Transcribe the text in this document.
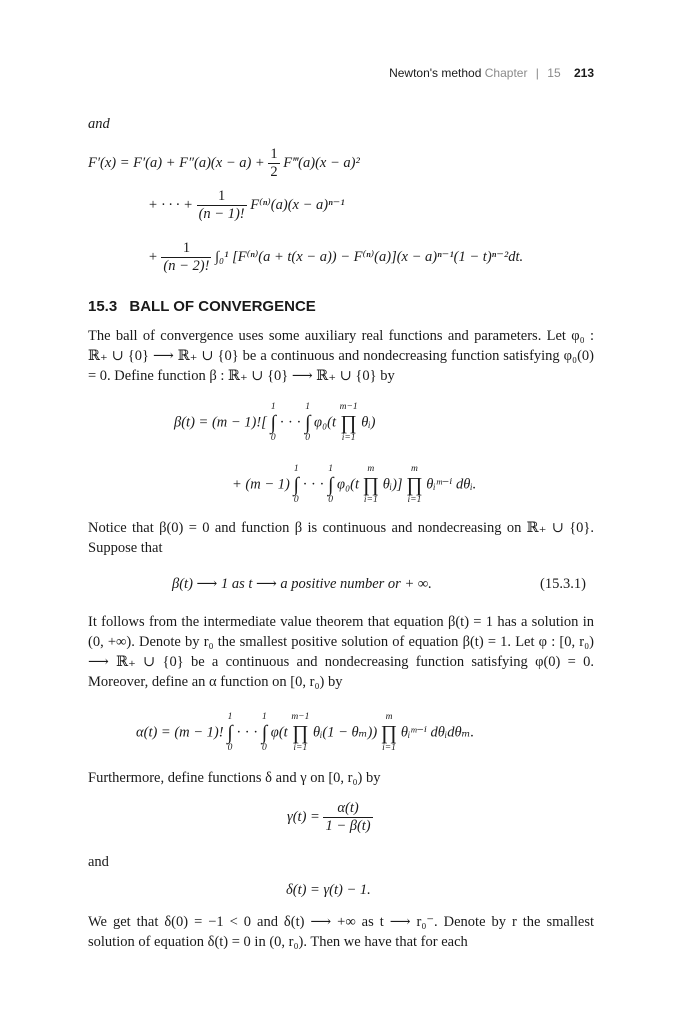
Newton's method Chapter | 15 213
and
$F'(x) = F'(a) + F''(a)(x - a) + \frac{1}{2}$ F‴(a)(x − a)²
+ · · · + $\frac{1}{(n - 1)!} F^{(n)}(a)(x - a)^{n-1}$
+ $\frac{1}{(n - 2)!} \int_0^1$ [F⁽ⁿ⁾(a + t(x − a)) − F⁽ⁿ⁾(a)](x − a)ⁿ⁻¹(1 − t)ⁿ⁻²dt.
15.3 BALL OF CONVERGENCE
The ball of convergence uses some auxiliary real functions and parameters. Let φ₀ : ℝ₊ ∪ {0} ⟶ ℝ₊ ∪ {0} be a continuous and nondecreasing function satisfying φ₀(0) = 0. Define function β : ℝ₊ ∪ {0} ⟶ ℝ₊ ∪ {0} by
β(t) = (m − 1)![
1
∫
0
· · ·
1
∫
0
φ₀(t
m−1
∏
i=1
θᵢ)
+ (m − 1)
1
∫
0
· · ·
1
∫
0
φ₀(t
m
∏
i=1
θᵢ)]
m
∏
i=1
θᵢᵐ⁻ⁱ dθᵢ.
Notice that β(0) = 0 and function β is continuous and nondecreasing on ℝ₊ ∪ {0}. Suppose that
β(t) ⟶ 1 as t ⟶ a positive number or + ∞.	(15.3.1)
It follows from the intermediate value theorem that equation β(t) = 1 has a solution in (0, +∞). Denote by r₀ the smallest positive solution of equation β(t) = 1. Let φ : [0, r₀) ⟶ ℝ₊ ∪ {0} be a continuous and nondecreasing function satisfying φ(0) = 0. Moreover, define an α function on [0, r₀) by
α(t) = (m − 1)!
1
∫
0
· · ·
1
∫
0
φ(t
m−1
∏
i=1
θᵢ(1 − θₘ))
m
∏
i=1
θᵢᵐ⁻ⁱ dθᵢdθₘ.
Furthermore, define functions δ and γ on [0, r₀) by
$\gamma(t) = \frac{\alpha(t)}{1 - \beta(t)}$
and
δ(t) = γ(t) − 1.
We get that δ(0) = −1 < 0 and δ(t) ⟶ +∞ as t ⟶ r₀⁻. Denote by r the smallest solution of equation δ(t) = 0 in (0, r₀). Then we have that for each
